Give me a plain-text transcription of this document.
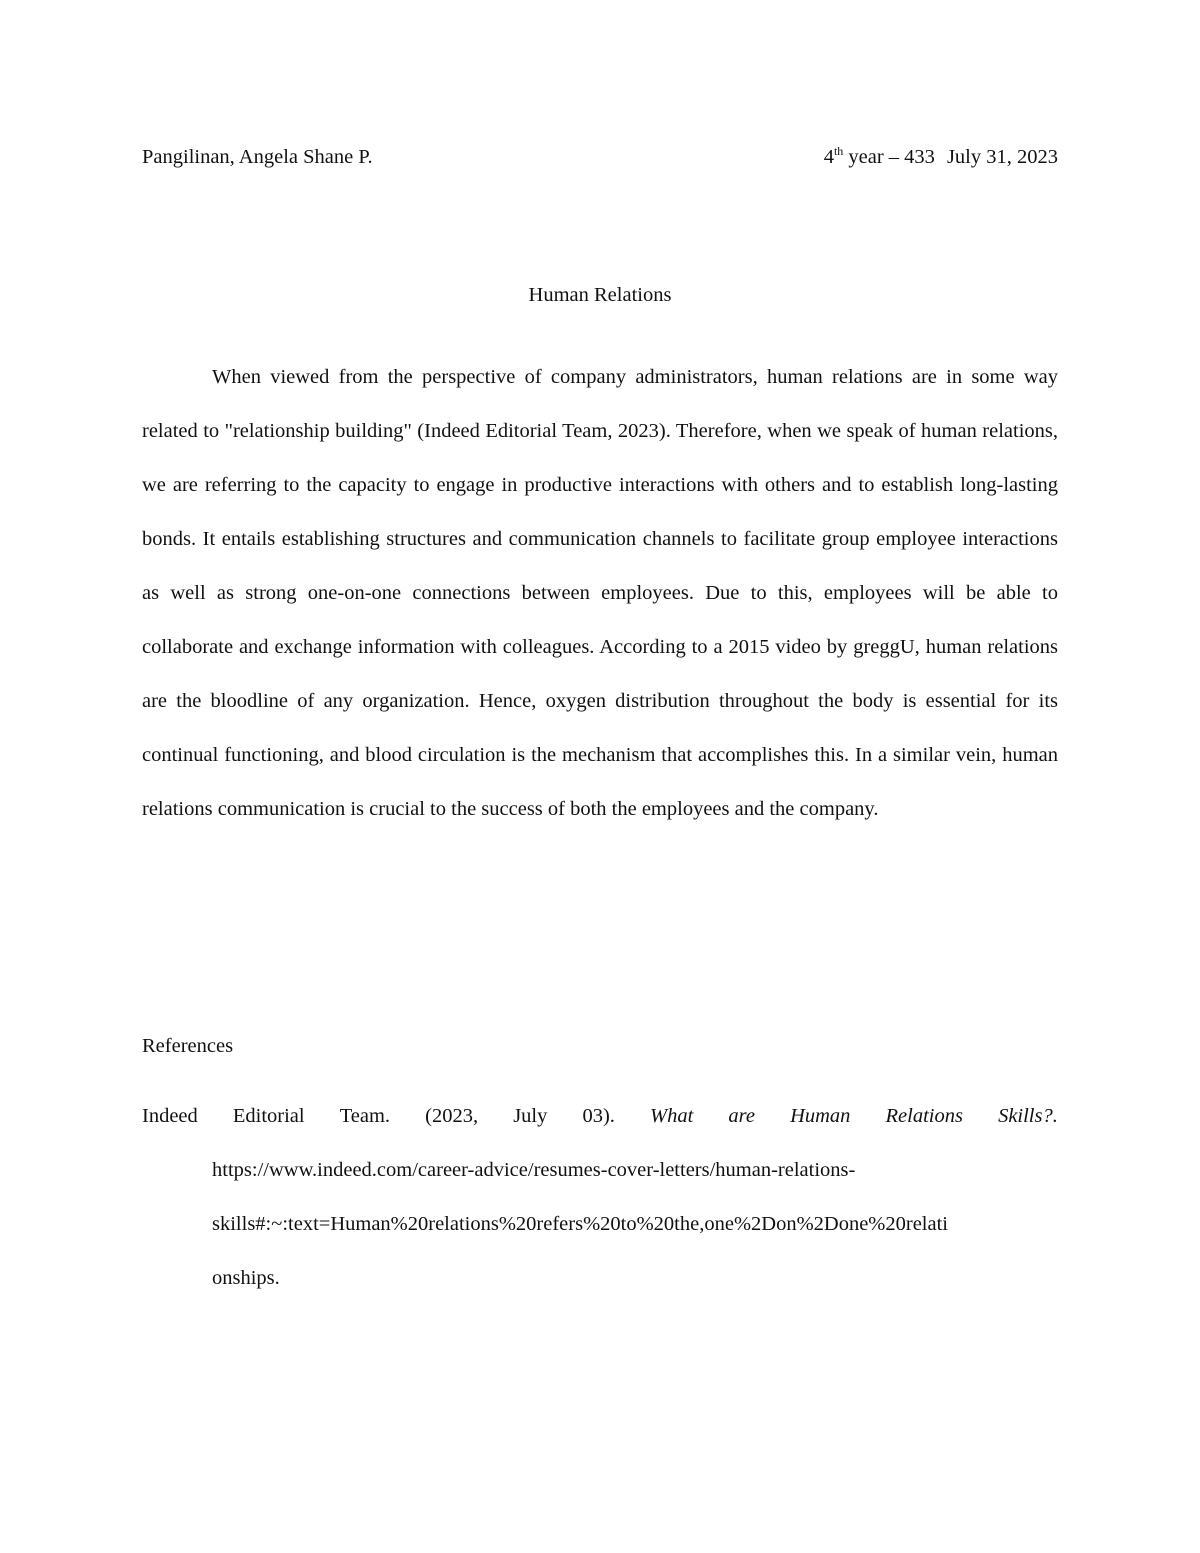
Pangilinan, Angela Shane P.	4th year – 433 July 31, 2023
Human Relations

When viewed from the perspective of company administrators, human relations are in some way related to "relationship building" (Indeed Editorial Team, 2023). Therefore, when we speak of human relations, we are referring to the capacity to engage in productive interactions with others and to establish long-lasting bonds. It entails establishing structures and communication channels to facilitate group employee interactions as well as strong one-on-one connections between employees. Due to this, employees will be able to collaborate and exchange information with colleagues. According to a 2015 video by greggU, human relations are the bloodline of any organization. Hence, oxygen distribution throughout the body is essential for its continual functioning, and blood circulation is the mechanism that accomplishes this. In a similar vein, human relations communication is crucial to the success of both the employees and the company.

References
Indeed Editorial Team. (2023, July 03). What are Human Relations Skills?.
https://www.indeed.com/career-advice/resumes-cover-letters/human-relations-
skills#:~:text=Human%20relations%20refers%20to%20the,one%2Don%2Done%20relati
onships.
